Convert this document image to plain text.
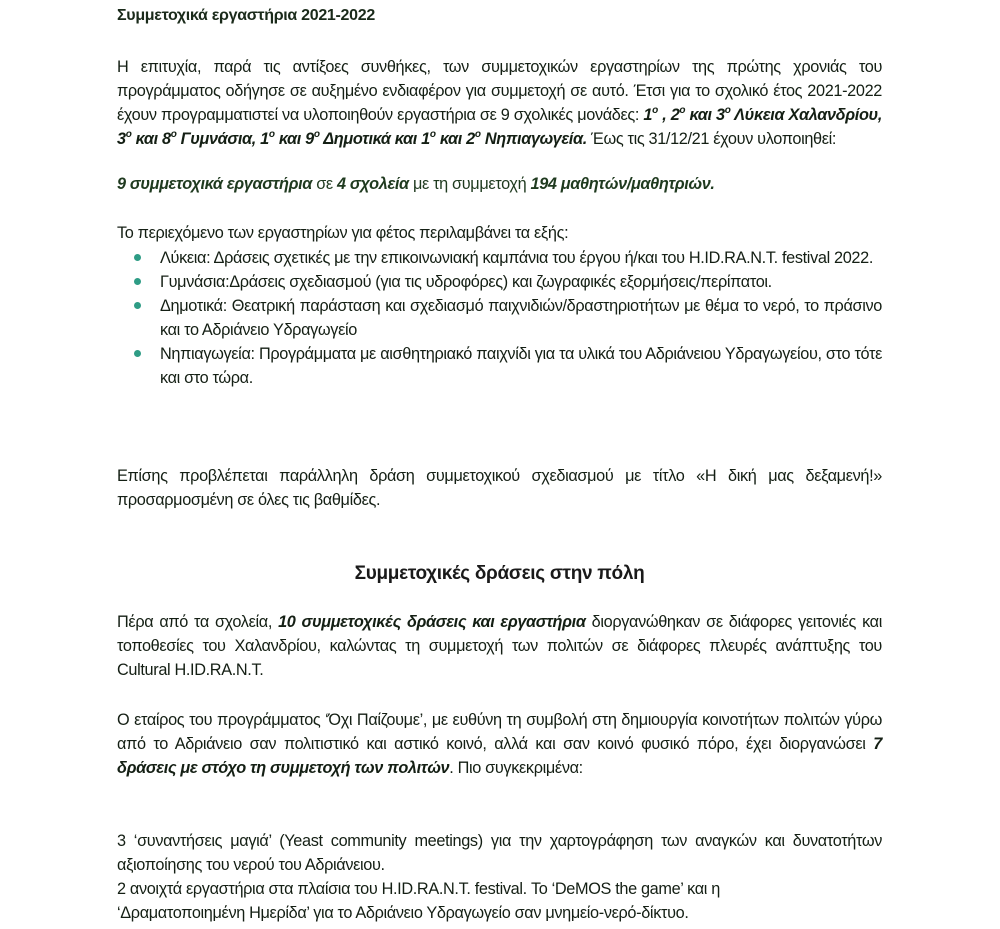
Συμμετοχικά εργαστήρια 2021-2022
Η επιτυχία, παρά τις αντίξοες συνθήκες, των συμμετοχικών εργαστηρίων της πρώτης χρονιάς του προγράμματος οδήγησε σε αυξημένο ενδιαφέρον για συμμετοχή σε αυτό. Έτσι για το σχολικό έτος 2021-2022 έχουν προγραμματιστεί να υλοποιηθούν εργαστήρια σε 9 σχολικές μονάδες: $1^o$ , $2^o$ και $3^o$ Λύκεια Χαλανδρίου, $3^o$ και $8^o$ Γυμνάσια, $1^o$ και $9^o$ Δημοτικά και $1^o$ και $2^o$ Νηπιαγωγεία. Έως τις 31/12/21 έχουν υλοποιηθεί:
9 συμμετοχικά εργαστήρια σε 4 σχολεία με τη συμμετοχή 194 μαθητών/μαθητριών.
Το περιεχόμενο των εργαστηρίων για φέτος περιλαμβάνει τα εξής:
Λύκεια: Δράσεις σχετικές με την επικοινωνιακή καμπάνια του έργου ή/και του H.ID.RA.N.T. festival 2022.
Γυμνάσια:Δράσεις σχεδιασμού (για τις υδροφόρες) και ζωγραφικές εξορμήσεις/περίπατοι.
Δημοτικά: Θεατρική παράσταση και σχεδιασμό παιχνιδιών/δραστηριοτήτων με θέμα το νερό, το πράσινο και το Αδριάνειο Υδραγωγείο
Νηπιαγωγεία: Προγράμματα με αισθητηριακό παιχνίδι για τα υλικά του Αδριάνειου Υδραγωγείου, στο τότε και στο τώρα.
Επίσης προβλέπεται παράλληλη δράση συμμετοχικού σχεδιασμού με τίτλο «Η δική μας δεξαμενή!» προσαρμοσμένη σε όλες τις βαθμίδες.
Συμμετοχικές δράσεις στην πόλη
Πέρα από τα σχολεία, 10 συμμετοχικές δράσεις και εργαστήρια διοργανώθηκαν σε διάφορες γειτονιές και τοποθεσίες του Χαλανδρίου, καλώντας τη συμμετοχή των πολιτών σε διάφορες πλευρές ανάπτυξης του Cultural H.ID.RA.N.T.
Ο εταίρος του προγράμματος ‘Όχι Παίζουμε’, με ευθύνη τη συμβολή στη δημιουργία κοινοτήτων πολιτών γύρω από το Αδριάνειο σαν πολιτιστικό και αστικό κοινό, αλλά και σαν κοινό φυσικό πόρο, έχει διοργανώσει 7 δράσεις με στόχο τη συμμετοχή των πολιτών. Πιο συγκεκριμένα:
3 ‘συναντήσεις μαγιά’ (Yeast community meetings) για την χαρτογράφηση των αναγκών και δυνατοτήτων αξιοποίησης του νερού του Αδριάνειου.
2 ανοιχτά εργαστήρια στα πλαίσια του H.ID.RA.N.T. festival. Το ‘DeMOS the game’ και η
‘Δραματοποιημένη Ημερίδα’ για το Αδριάνειο Υδραγωγείο σαν μνημείο-νερό-δίκτυο.
